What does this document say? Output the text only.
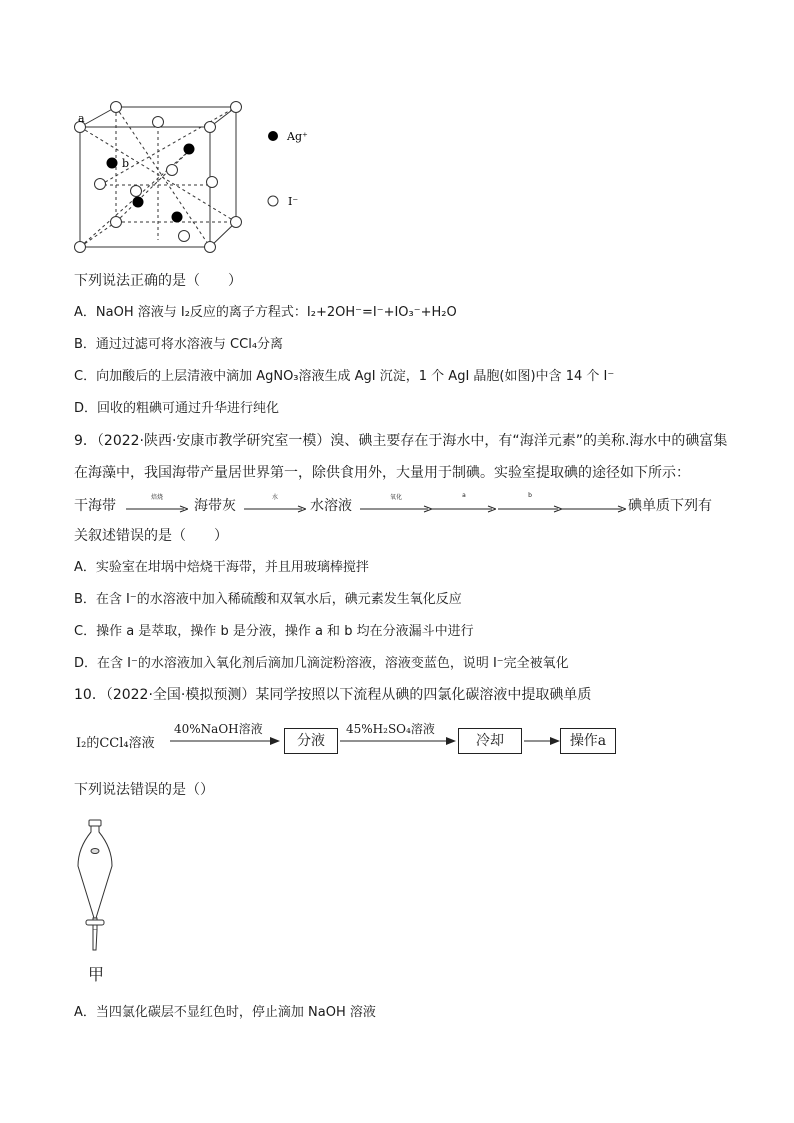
a
b
Ag⁺
I⁻
下列说法正确的是（　　）
A．NaOH 溶液与 I₂反应的离子方程式：I₂+2OH⁻=I⁻+IO₃⁻+H₂O
B．通过过滤可将水溶液与 CCl₄分离
C．向加酸后的上层清液中滴加 AgNO₃溶液生成 AgI 沉淀，1 个 AgI 晶胞(如图)中含 14 个 I⁻
D．回收的粗碘可通过升华进行纯化
9．（2022·陕西·安康市教学研究室一模）溴、碘主要存在于海水中，有“海洋元素”的美称.海水中的碘富集
在海藻中，我国海带产量居世界第一，除供食用外，大量用于制碘。实验室提取碘的途径如下所示：
干海带
焙烧
海带灰
水
水溶液
氧化	a	b
碘单质下列有
关叙述错误的是（　　）
A．实验室在坩埚中焙烧干海带，并且用玻璃棒搅拌
B．在含 I⁻的水溶液中加入稀硫酸和双氧水后，碘元素发生氧化反应
C．操作 a 是萃取，操作 b 是分液，操作 a 和 b 均在分液漏斗中进行
D．在含 I⁻的水溶液加入氧化剂后滴加几滴淀粉溶液，溶液变蓝色，说明 I⁻完全被氧化
10．（2022·全国·模拟预测）某同学按照以下流程从碘的四氯化碳溶液中提取碘单质
I₂的CCl₄溶液
40%NaOH溶液
分液
45%H₂SO₄溶液
冷却	操作a
下列说法错误的是（）
甲
A．当四氯化碳层不显红色时，停止滴加 NaOH 溶液
